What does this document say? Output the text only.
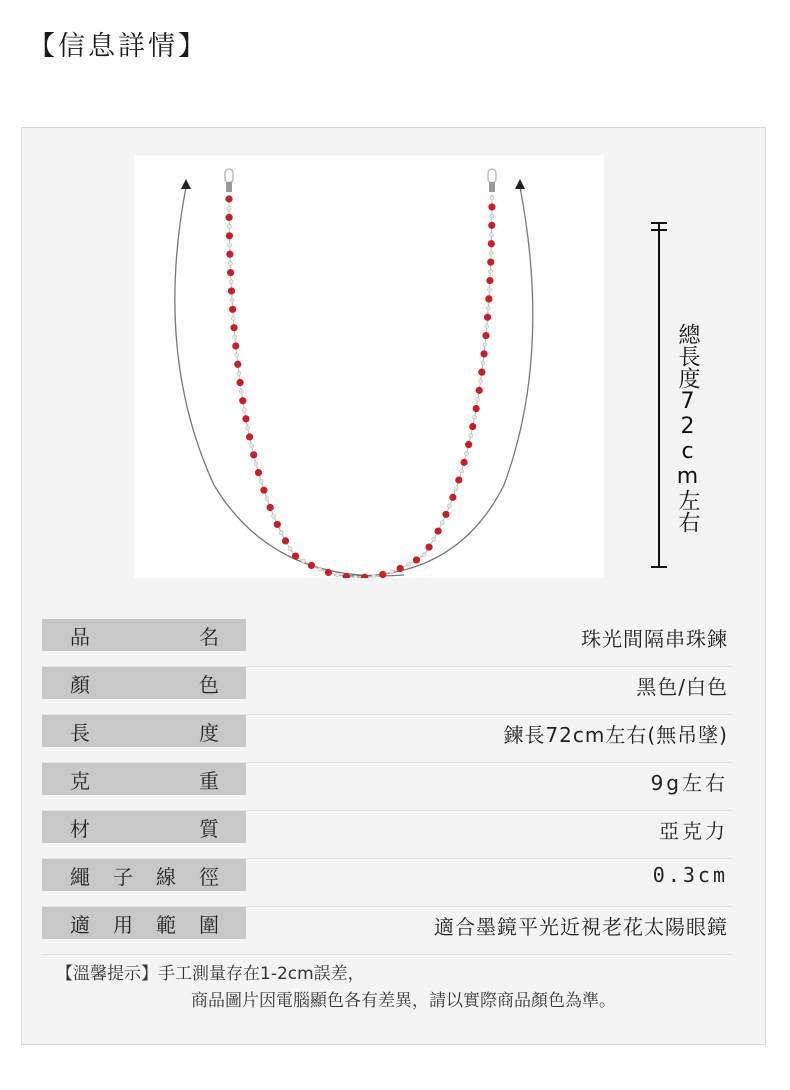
【信息詳情】
總長度72cm左右
品	名	珠光間隔串珠鍊
顏	色	黑色/白色
長	度	鍊長72cm左右(無吊墜)
克	重	9g左右
材	質	亞克力
繩 子 線 徑	0.3cm
適 用 範 圍	適合墨鏡平光近視老花太陽眼鏡
【溫馨提示】手工測量存在1-2cm誤差，
商品圖片因電腦顯色各有差異，請以實際商品顏色為準。
